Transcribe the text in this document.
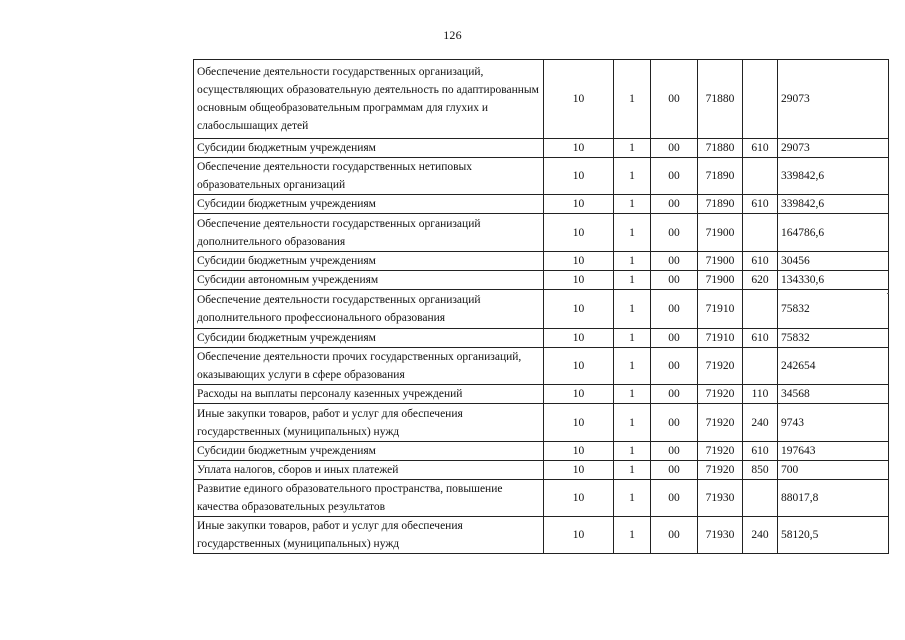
126
Обеспечение деятельности государственных организаций, осуществляющих образовательную деятельность по адаптированным основным общеобразовательным программам для глухих и слабослышащих детей	10	1	00	71880		29073
Субсидии бюджетным учреждениям	10	1	00	71880	610	29073
Обеспечение деятельности государственных нетиповых образовательных организаций	10	1	00	71890		339842,6
Субсидии бюджетным учреждениям	10	1	00	71890	610	339842,6
Обеспечение деятельности государственных организаций дополнительного образования	10	1	00	71900		164786,6
Субсидии бюджетным учреждениям	10	1	00	71900	610	30456
Субсидии автономным учреждениям	10	1	00	71900	620	134330,6
Обеспечение деятельности государственных организаций дополнительного профессионального образования	10	1	00	71910		75832
Субсидии бюджетным учреждениям	10	1	00	71910	610	75832
Обеспечение деятельности прочих государственных организаций, оказывающих услуги в сфере образования	10	1	00	71920		242654
Расходы на выплаты персоналу казенных учреждений	10	1	00	71920	110	34568
Иные закупки товаров, работ и услуг для обеспечения государственных (муниципальных) нужд	10	1	00	71920	240	9743
Субсидии бюджетным учреждениям	10	1	00	71920	610	197643
Уплата налогов, сборов и иных платежей	10	1	00	71920	850	700
Развитие единого образовательного пространства, повышение качества образовательных результатов	10	1	00	71930		88017,8
Иные закупки товаров, работ и услуг для обеспечения государственных (муниципальных) нужд	10	1	00	71930	240	58120,5
